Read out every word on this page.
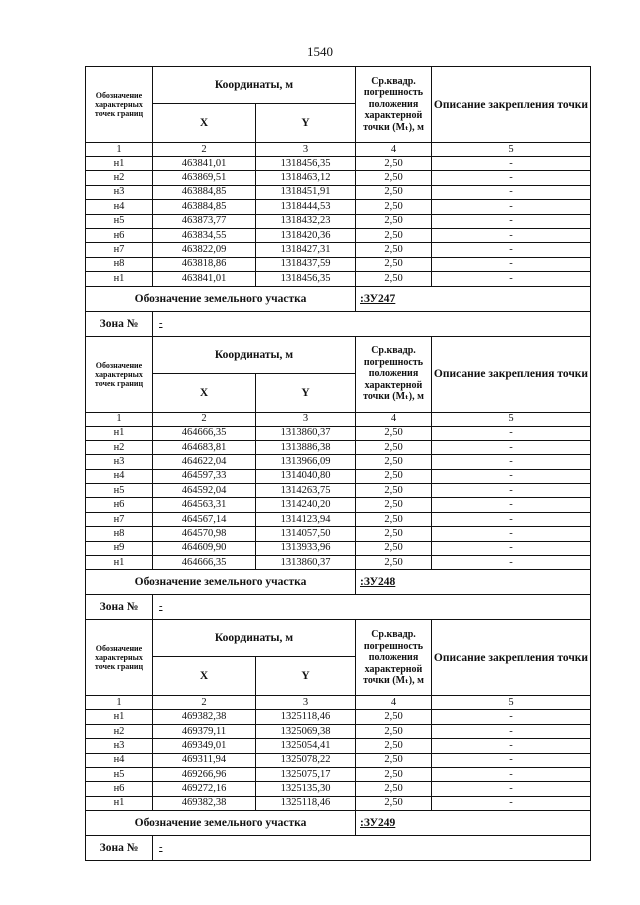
1540
Обозначение характерных точек границ	Координаты, м		Ср.квадр. погрешность положения характерной точки (Mₜ), м	Описание закрепления точки
	X	Y		
1	2	3	4	5
н1	463841,01	1318456,35	2,50	-
н2	463869,51	1318463,12	2,50	-
н3	463884,85	1318451,91	2,50	-
н4	463884,85	1318444,53	2,50	-
н5	463873,77	1318432,23	2,50	-
н6	463834,55	1318420,36	2,50	-
н7	463822,09	1318427,31	2,50	-
н8	463818,86	1318437,59	2,50	-
н1	463841,01	1318456,35	2,50	-
Обозначение земельного участка			:ЗУ247	
Зона №	-			
Обозначение характерных точек границ	Координаты, м		Ср.квадр. погрешность положения характерной точки (Mₜ), м	Описание закрепления точки
	X	Y		
1	2	3	4	5
н1	464666,35	1313860,37	2,50	-
н2	464683,81	1313886,38	2,50	-
н3	464622,04	1313966,09	2,50	-
н4	464597,33	1314040,80	2,50	-
н5	464592,04	1314263,75	2,50	-
н6	464563,31	1314240,20	2,50	-
н7	464567,14	1314123,94	2,50	-
н8	464570,98	1314057,50	2,50	-
н9	464609,90	1313933,96	2,50	-
н1	464666,35	1313860,37	2,50	-
Обозначение земельного участка			:ЗУ248	
Зона №	-			
Обозначение характерных точек границ	Координаты, м		Ср.квадр. погрешность положения характерной точки (Mₜ), м	Описание закрепления точки
	X	Y		
1	2	3	4	5
н1	469382,38	1325118,46	2,50	-
н2	469379,11	1325069,38	2,50	-
н3	469349,01	1325054,41	2,50	-
н4	469311,94	1325078,22	2,50	-
н5	469266,96	1325075,17	2,50	-
н6	469272,16	1325135,30	2,50	-
н1	469382,38	1325118,46	2,50	-
Обозначение земельного участка			:ЗУ249	
Зона №	-			
